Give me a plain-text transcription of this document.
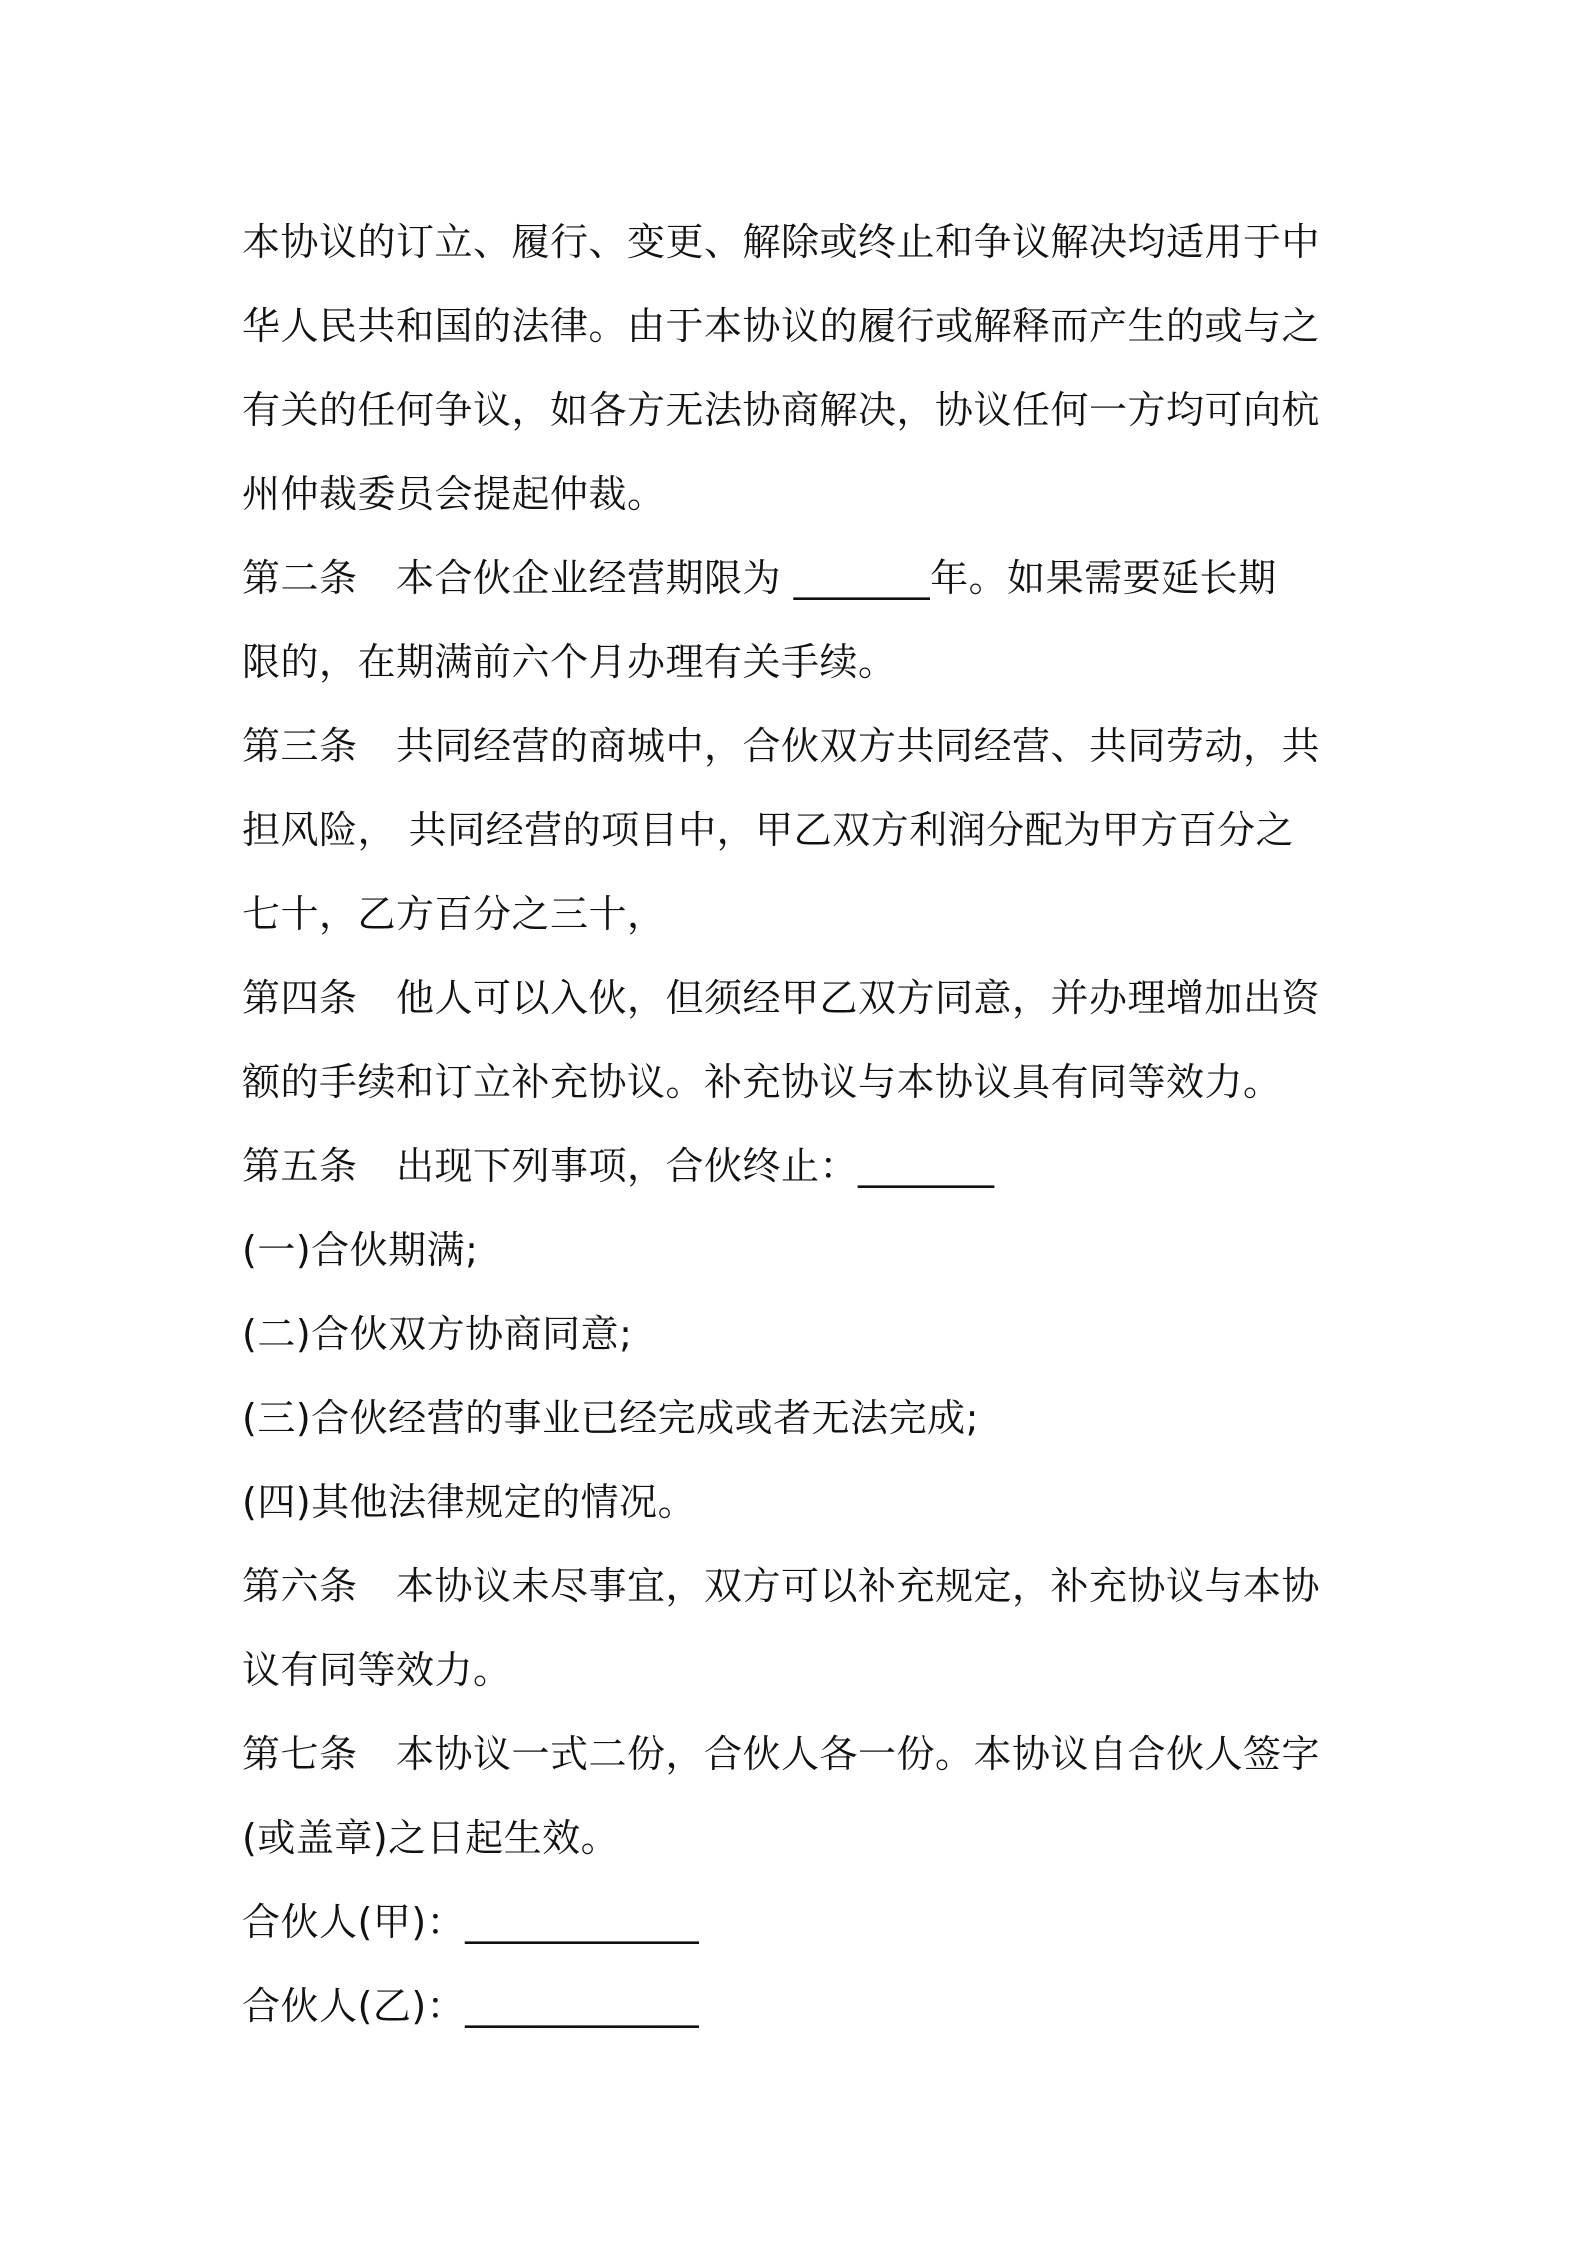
本协议的订立、履行、变更、解除或终止和争议解决均适用于中
华人民共和国的法律。由于本协议的履行或解释而产生的或与之
有关的任何争议，如各方无法协商解决，协议任何一方均可向杭
州仲裁委员会提起仲裁。
第二条　本合伙企业经营期限为 _______年。如果需要延长期
限的，在期满前六个月办理有关手续。
第三条　共同经营的商城中，合伙双方共同经营、共同劳动，共
担风险， 共同经营的项目中，甲乙双方利润分配为甲方百分之
七十，乙方百分之三十，
第四条　他人可以入伙，但须经甲乙双方同意，并办理增加出资
额的手续和订立补充协议。补充协议与本协议具有同等效力。
第五条　出现下列事项，合伙终止：_______
(一)合伙期满;
(二)合伙双方协商同意;
(三)合伙经营的事业已经完成或者无法完成;
(四)其他法律规定的情况。
第六条　本协议未尽事宜，双方可以补充规定，补充协议与本协
议有同等效力。
第七条　本协议一式二份，合伙人各一份。本协议自合伙人签字
(或盖章)之日起生效。
合伙人(甲)：____________
合伙人(乙)：____________
